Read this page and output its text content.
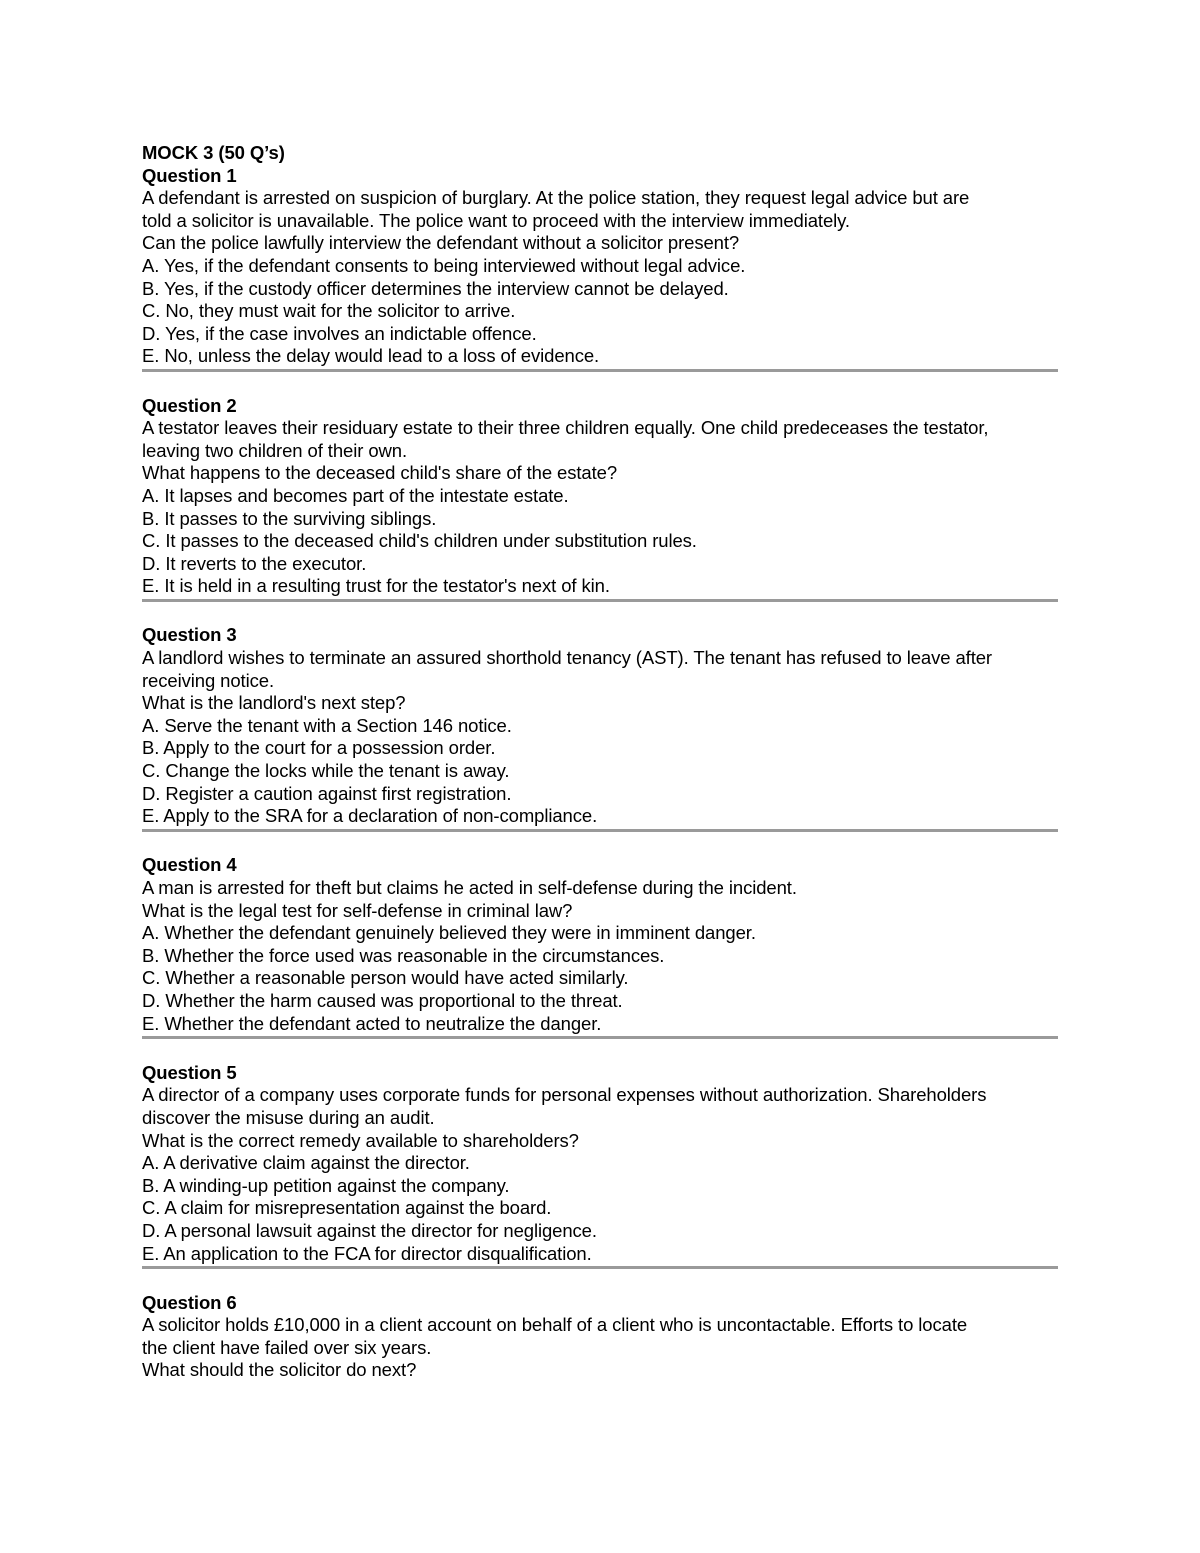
MOCK 3 (50 Q’s)
Question 1
A defendant is arrested on suspicion of burglary. At the police station, they request legal advice but are
told a solicitor is unavailable. The police want to proceed with the interview immediately.
Can the police lawfully interview the defendant without a solicitor present?
A. Yes, if the defendant consents to being interviewed without legal advice.
B. Yes, if the custody officer determines the interview cannot be delayed.
C. No, they must wait for the solicitor to arrive.
D. Yes, if the case involves an indictable offence.
E. No, unless the delay would lead to a loss of evidence.
Question 2
A testator leaves their residuary estate to their three children equally. One child predeceases the testator,
leaving two children of their own.
What happens to the deceased child's share of the estate?
A. It lapses and becomes part of the intestate estate.
B. It passes to the surviving siblings.
C. It passes to the deceased child's children under substitution rules.
D. It reverts to the executor.
E. It is held in a resulting trust for the testator's next of kin.
Question 3
A landlord wishes to terminate an assured shorthold tenancy (AST). The tenant has refused to leave after
receiving notice.
What is the landlord's next step?
A. Serve the tenant with a Section 146 notice.
B. Apply to the court for a possession order.
C. Change the locks while the tenant is away.
D. Register a caution against first registration.
E. Apply to the SRA for a declaration of non-compliance.
Question 4
A man is arrested for theft but claims he acted in self-defense during the incident.
What is the legal test for self-defense in criminal law?
A. Whether the defendant genuinely believed they were in imminent danger.
B. Whether the force used was reasonable in the circumstances.
C. Whether a reasonable person would have acted similarly.
D. Whether the harm caused was proportional to the threat.
E. Whether the defendant acted to neutralize the danger.
Question 5
A director of a company uses corporate funds for personal expenses without authorization. Shareholders
discover the misuse during an audit.
What is the correct remedy available to shareholders?
A. A derivative claim against the director.
B. A winding-up petition against the company.
C. A claim for misrepresentation against the board.
D. A personal lawsuit against the director for negligence.
E. An application to the FCA for director disqualification.
Question 6
A solicitor holds £10,000 in a client account on behalf of a client who is uncontactable. Efforts to locate
the client have failed over six years.
What should the solicitor do next?
